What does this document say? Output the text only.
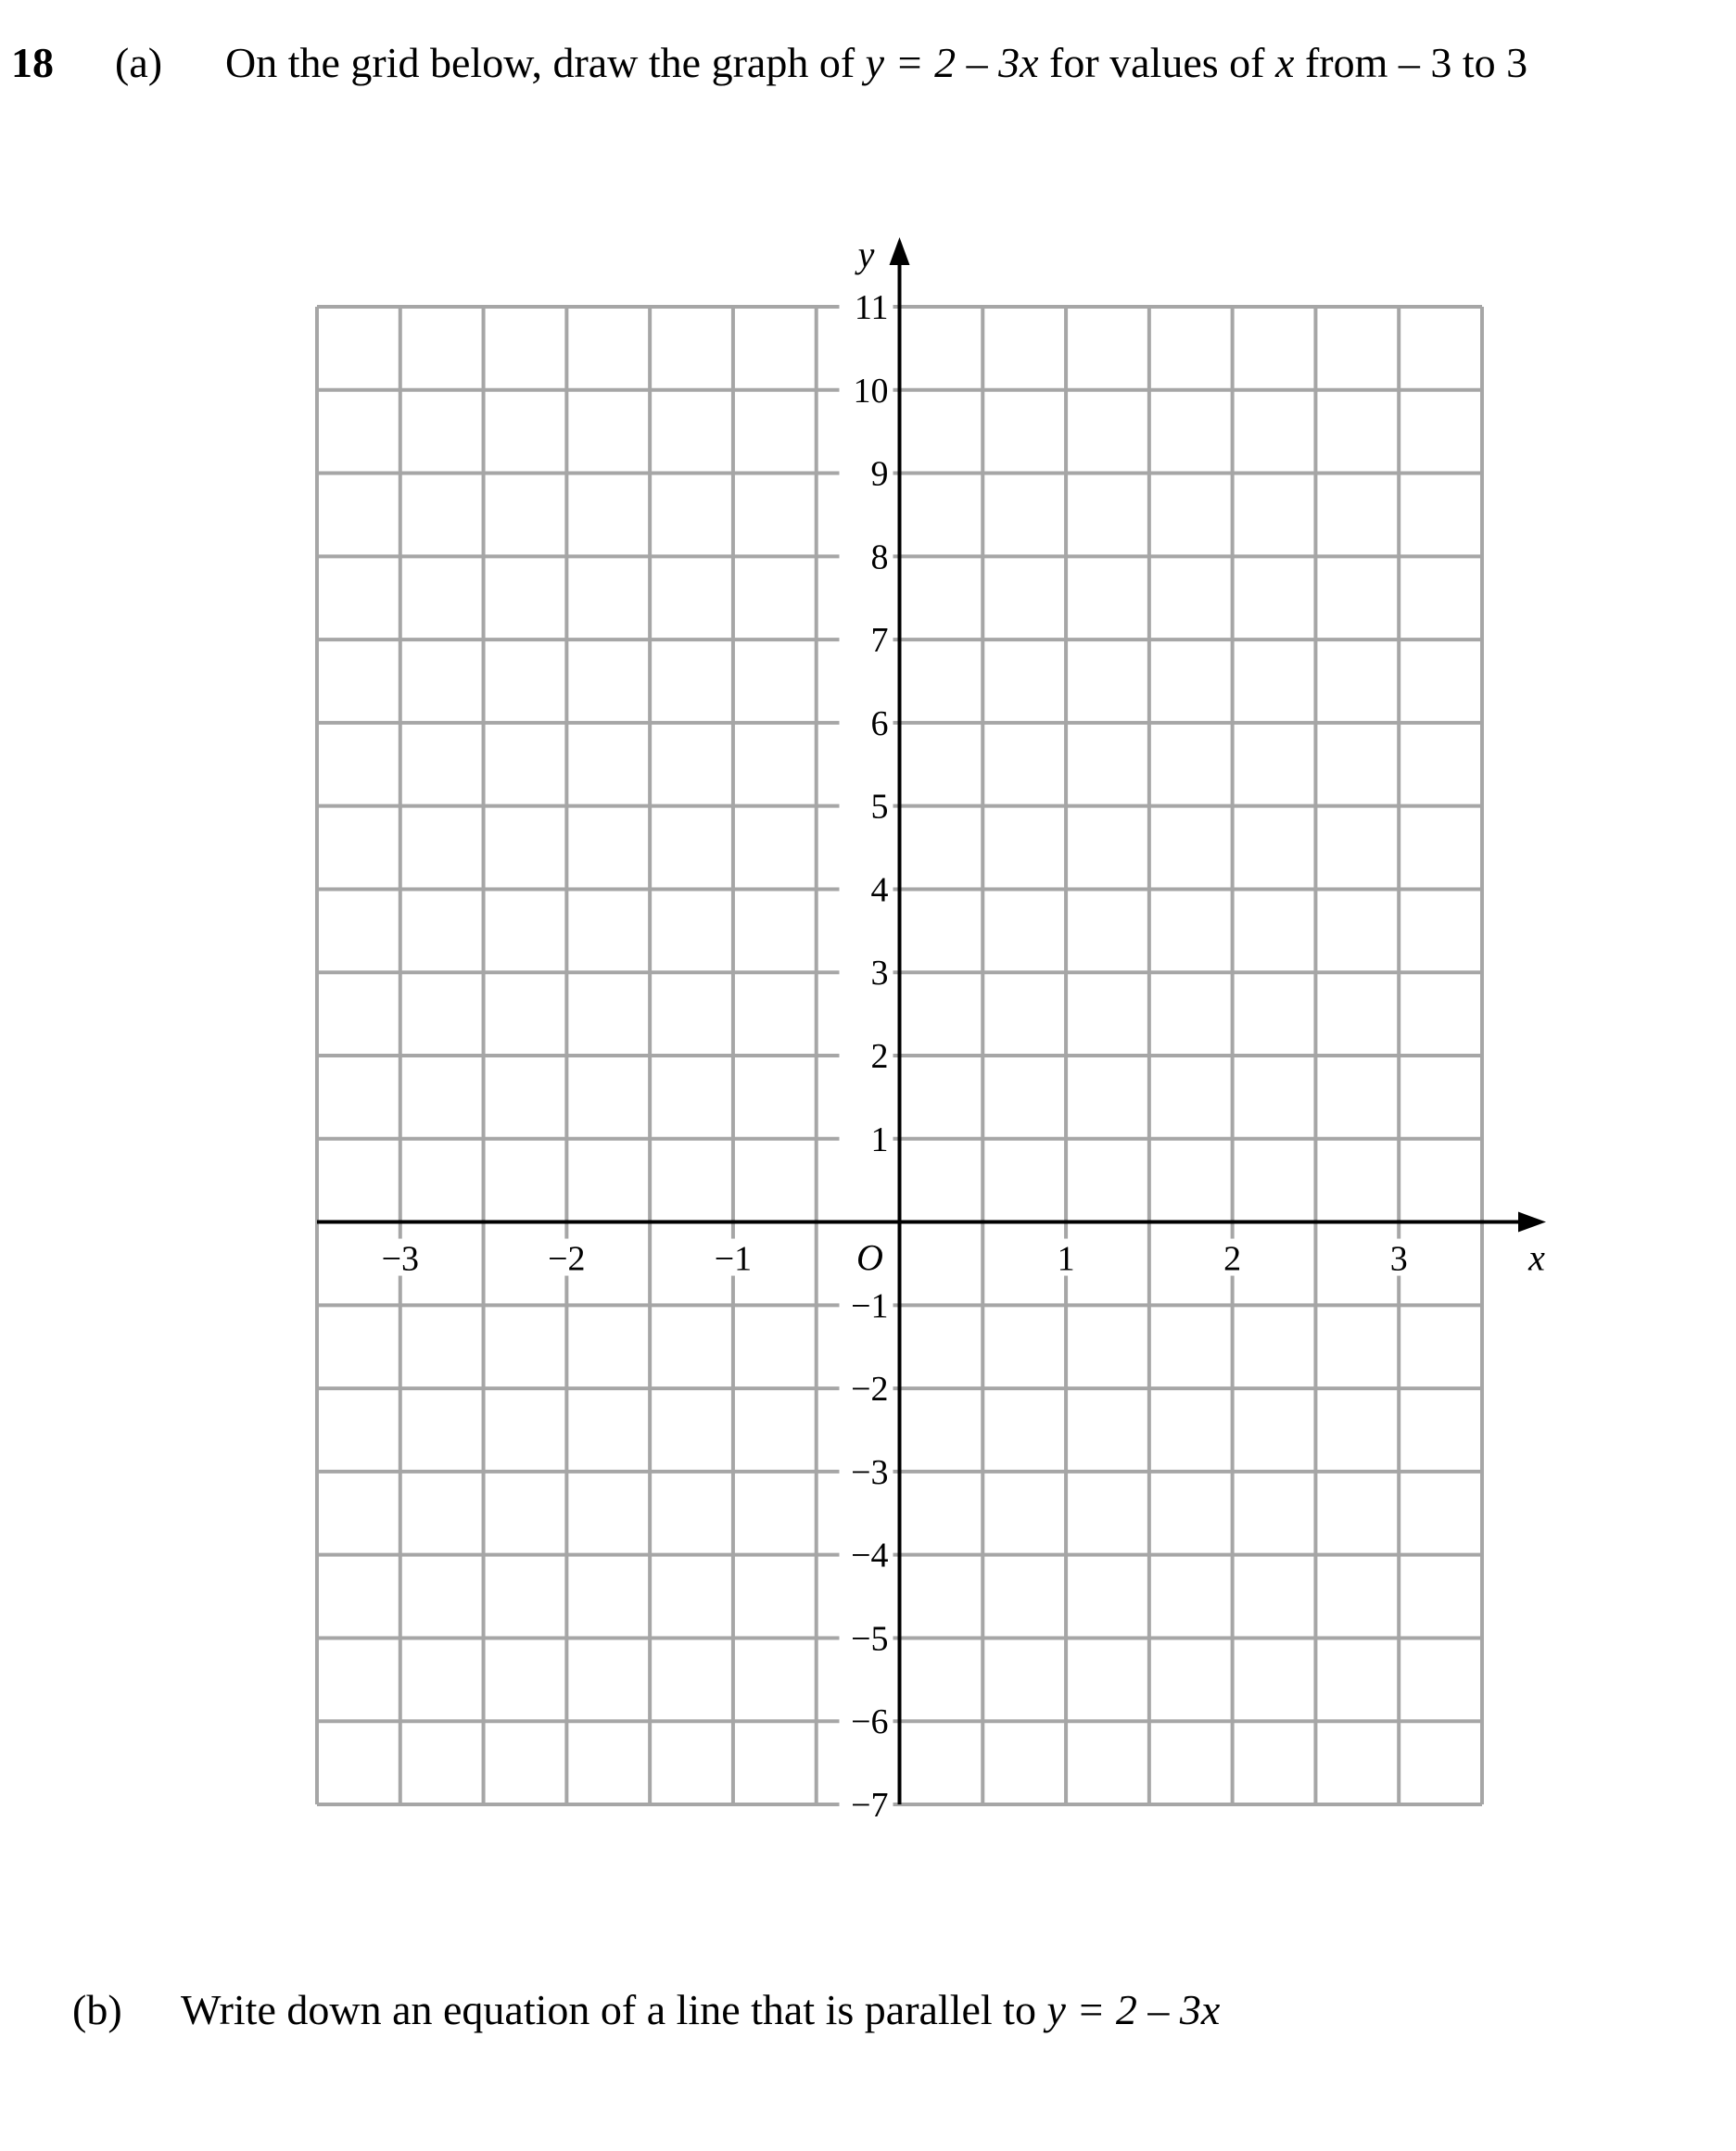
18 (a) On the grid below, draw the graph of y = 2 – 3x for values of x from – 3 to 3
x
y
O
−3	−2	−1	1	2	3
11
10
9
8
7
6
5
4
3
2
1
−1
−2
−3
−4
−5
−6
−7
(b) Write down an equation of a line that is parallel to y = 2 – 3x
